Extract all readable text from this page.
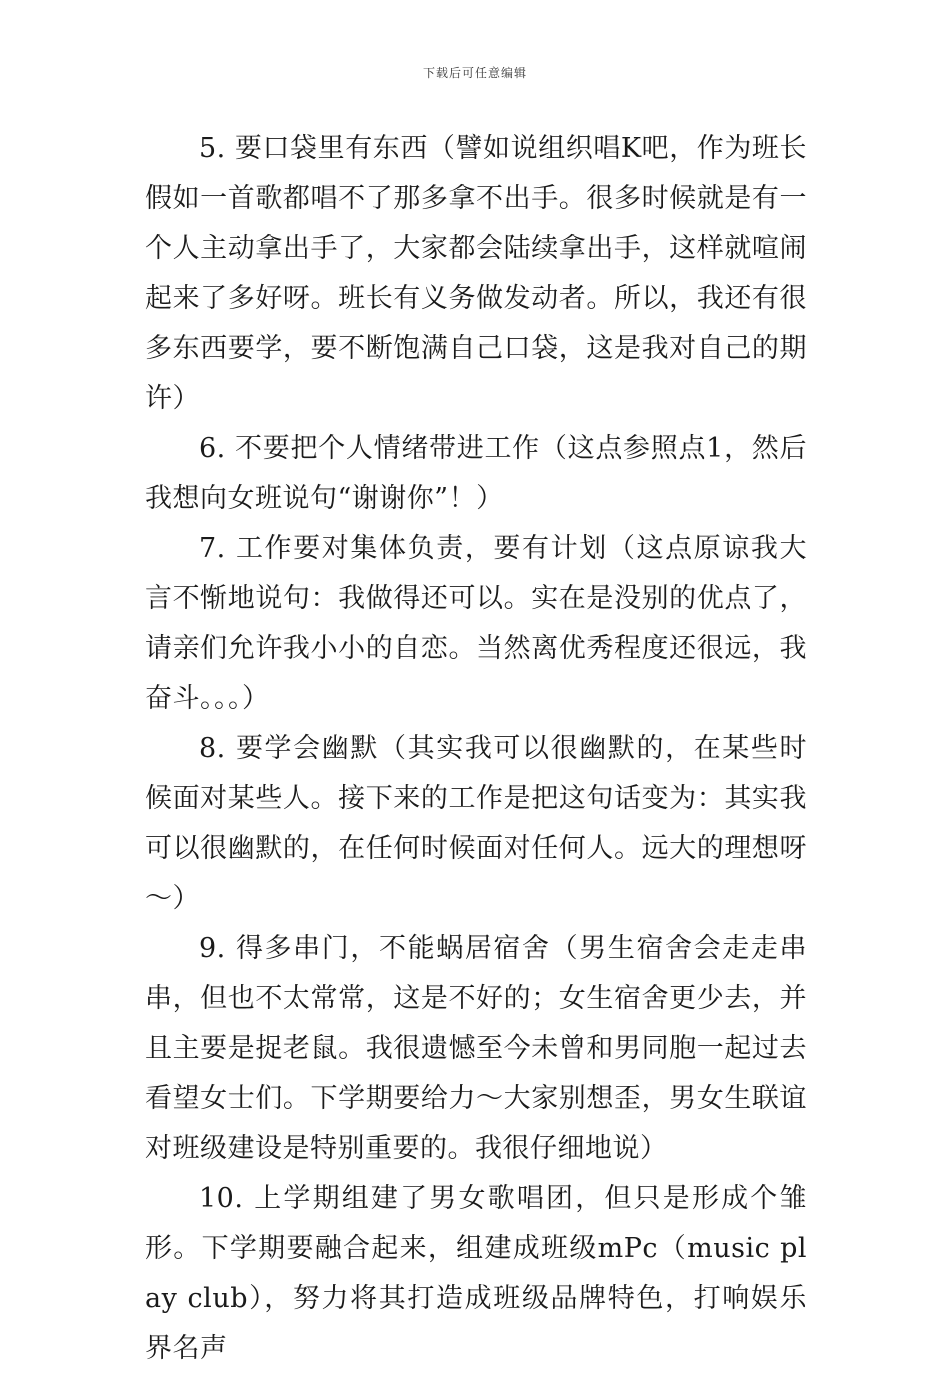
下载后可任意编辑

5. 要口袋里有东西（譬如说组织唱K吧，作为班长假如一首歌都唱不了那多拿不出手。很多时候就是有一个人主动拿出手了，大家都会陆续拿出手，这样就喧闹起来了多好呀。班长有义务做发动者。所以，我还有很多东西要学，要不断饱满自己口袋，这是我对自己的期许）

6. 不要把个人情绪带进工作（这点参照点1，然后我想向女班说句“谢谢你”！）

7. 工作要对集体负责，要有计划（这点原谅我大言不惭地说句：我做得还可以。实在是没别的优点了，请亲们允许我小小的自恋。当然离优秀程度还很远，我奋斗。。。）

8. 要学会幽默（其实我可以很幽默的，在某些时候面对某些人。接下来的工作是把这句话变为：其实我可以很幽默的，在任何时候面对任何人。远大的理想呀～）

9. 得多串门，不能蜗居宿舍（男生宿舍会走走串串，但也不太常常，这是不好的；女生宿舍更少去，并且主要是捉老鼠。我很遗憾至今未曾和男同胞一起过去看望女士们。下学期要给力～大家别想歪，男女生联谊对班级建设是特别重要的。我很仔细地说）

10. 上学期组建了男女歌唱团，但只是形成个雏形。下学期要融合起来，组建成班级mPc（music play club），努力将其打造成班级品牌特色，打响娱乐界名声
